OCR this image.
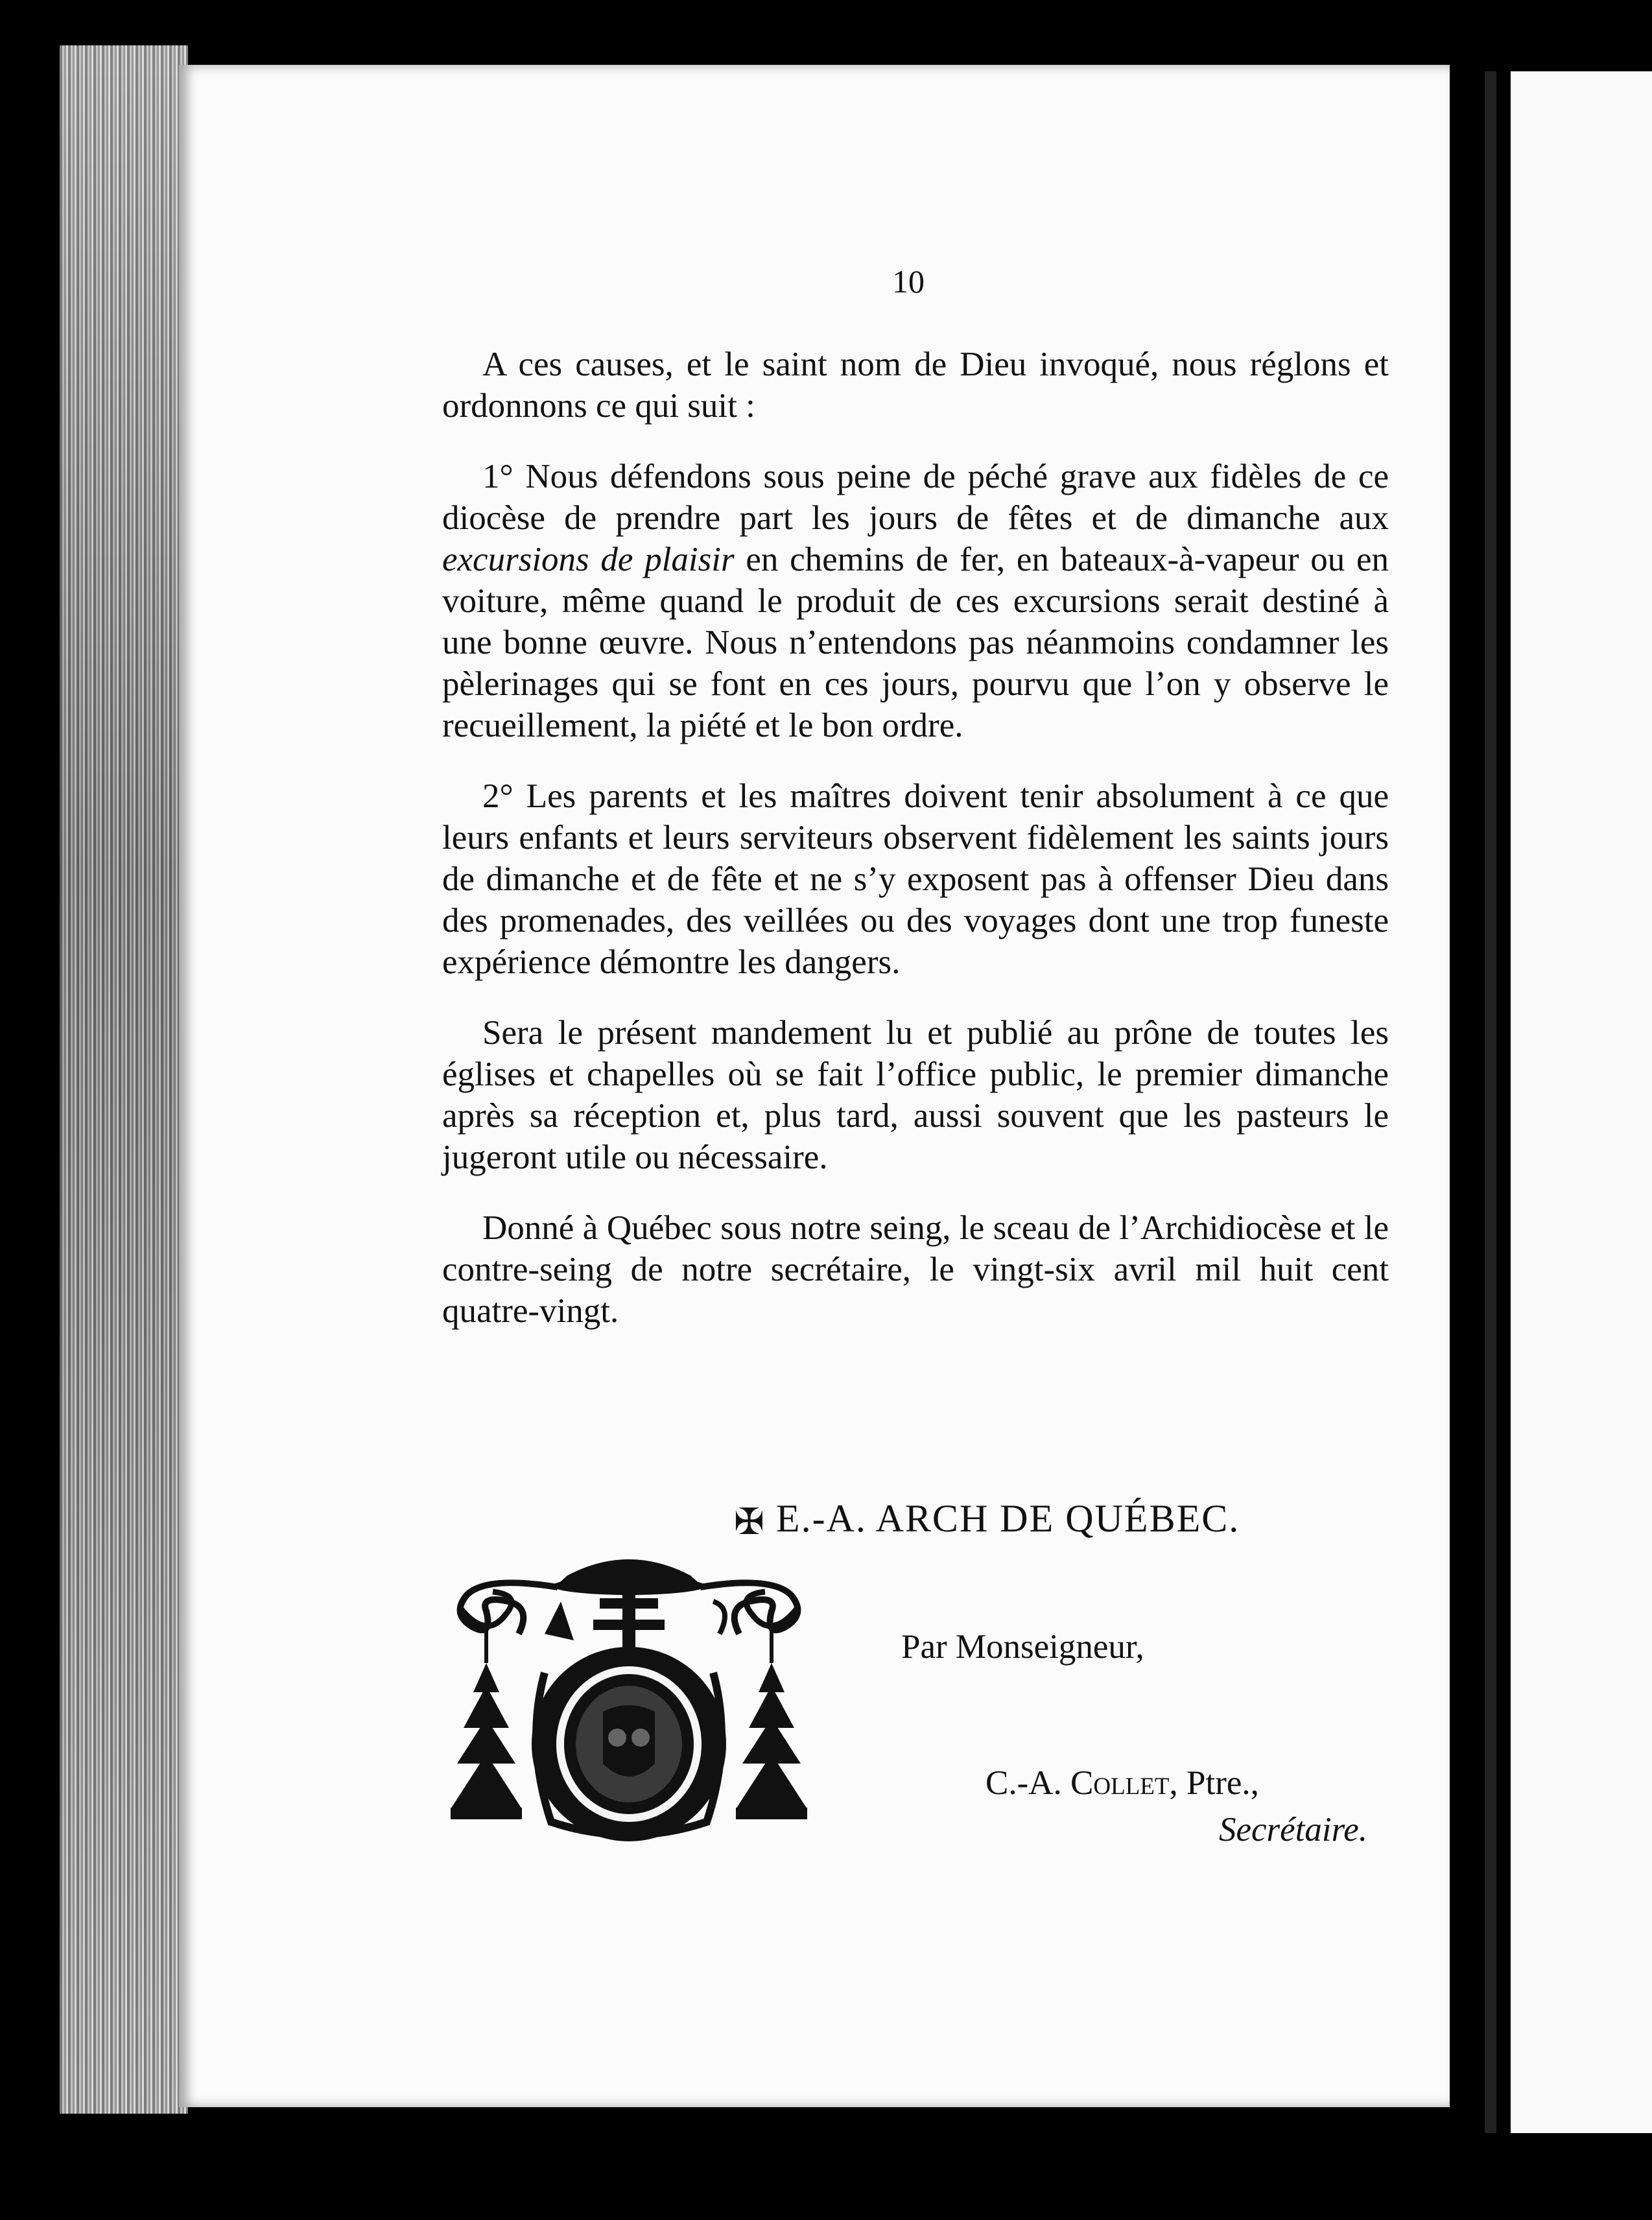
10

A ces causes, et le saint nom de Dieu invoqué, nous réglons et ordonnons ce qui suit :

1° Nous défendons sous peine de péché grave aux fidèles de ce diocèse de prendre part les jours de fêtes et de dimanche aux excursions de plaisir en chemins de fer, en bateaux-à-vapeur ou en voiture, même quand le produit de ces excursions serait destiné à une bonne œuvre. Nous n’entendons pas néanmoins condamner les pèlerinages qui se font en ces jours, pourvu que l’on y observe le recueillement, la piété et le bon ordre.

2° Les parents et les maîtres doivent tenir absolument à ce que leurs enfants et leurs serviteurs observent fidèlement les saints jours de dimanche et de fête et ne s’y exposent pas à offenser Dieu dans des promenades, des veillées ou des voyages dont une trop funeste expérience démontre les dangers.

Sera le présent mandement lu et publié au prône de toutes les églises et chapelles où se fait l’office public, le premier dimanche après sa réception et, plus tard, aussi souvent que les pasteurs le jugeront utile ou nécessaire.

Donné à Québec sous notre seing, le sceau de l’Archidiocèse et le contre-seing de notre secrétaire, le vingt-six avril mil huit cent quatre-vingt.

✠ E.-A. ARCH DE QUÉBEC.
Par Monseigneur,
C.-A. Collet, Ptre.,
Secrétaire.
